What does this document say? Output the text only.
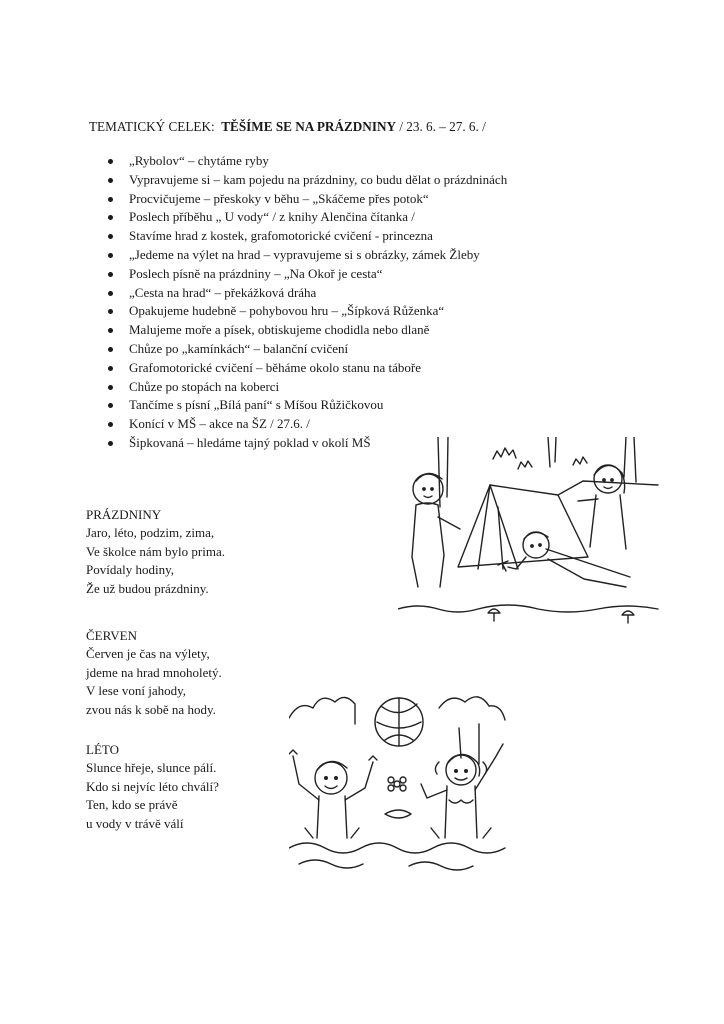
TEMATICKÝ CELEK: TĚŠÍME SE NA PRÁZDNINY / 23. 6. – 27. 6. /
„Rybolov“ – chytáme ryby
Vypravujeme si – kam pojedu na prázdniny, co budu dělat o prázdninách
Procvičujeme – přeskoky v běhu – „Skáčeme přes potok“
Poslech příběhu „ U vody“ / z knihy Alenčina čítanka /
Stavíme hrad z kostek, grafomotorické cvičení - princezna
„Jedeme na výlet na hrad – vypravujeme si s obrázky, zámek Žleby
Poslech písně na prázdniny – „Na Okoř je cesta“
„Cesta na hrad“ – překážková dráha
Opakujeme hudebně – pohybovou hru – „Šípková Růženka“
Malujeme moře a písek, obtiskujeme chodidla nebo dlaně
Chůze po „kamínkách“ – balanční cvičení
Grafomotorické cvičení – běháme okolo stanu na táboře
Chůze po stopách na koberci
Tančíme s písní „Bílá paní“ s Míšou Růžičkovou
Konící v MŠ – akce na ŠZ / 27.6. /
Šipkovaná – hledáme tajný poklad v okolí MŠ
PRÁZDNINY
Jaro, léto, podzim, zima,
Ve školce nám bylo prima.
Povídaly hodiny,
Že už budou prázdniny.
ČERVEN
Červen je čas na výlety,
jdeme na hrad mnoholetý.
V lese voní jahody,
zvou nás k sobě na hody.
LÉTO
Slunce hřeje, slunce pálí.
Kdo si nejvíc léto chválí?
Ten, kdo se právě
u vody v trávě válí
